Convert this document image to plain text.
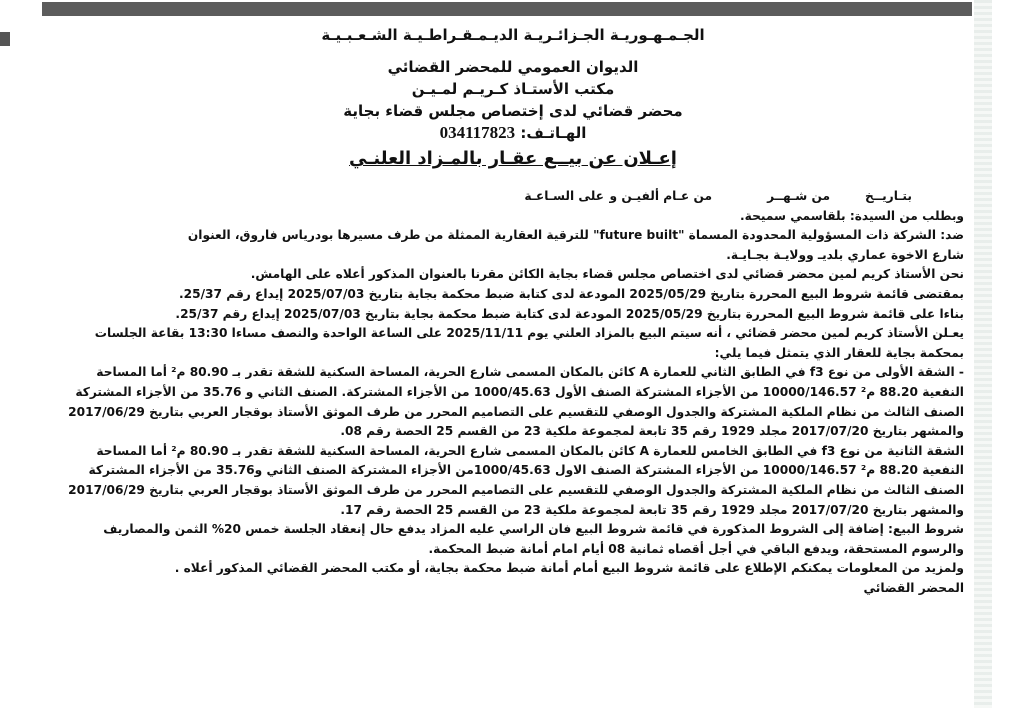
الجـمـهـوريـة الجـزائـريـة الديـمـقـراطـيـة الشـعـبـيـة
الديوان العمومي للمحضر القضائي
مكتب الأستـاذ كـريـم لمـيـن
محضر قضائي لدى إختصاص مجلس قضاء بجاية
الهـاتـف: 034117823
إعـلان عن بيــع عقـار بالمـزاد العلنـي
بتـاريــخ
من شـهــر
من عـام ألفيـن و
على السـاعـة

وبطلب من السيدة: بلقاسمي سميحة.

ضد: الشركة ذات المسؤولية المحدودة المسماة "future built" للترقية العقارية الممثلة من طرف مسيرها بودرياس فاروق، العنوان

شارع الاخوة عماري بلديـ وولايـة بجـايـة.

نحن الأستاذ كريم لمين محضر قضائي لدى اختصاص مجلس قضاء بجاية الكائن مقرنا بالعنوان المذكور أعلاه على الهامش.

بمقتضى قائمة شروط البيع المحررة بتاريخ 2025/05/29 المودعة لدى كتابة ضبط محكمة بجاية بتاريخ 2025/07/03 إيداع رقم 25/37.

بناءا على قائمة شروط البيع المحررة بتاريخ 2025/05/29 المودعة لدى كتابة ضبط محكمة بجاية بتاريخ 2025/07/03 إيداع رقم 25/37.

يعـلن الأستاذ كريم لمين محضر قضائي ، أنه سيتم البيع بالمزاد العلني يوم 2025/11/11 على الساعة الواحدة والنصف مساءا 13:30 بقاعة الجلسات بمحكمة بجاية للعقار الذي يتمثل فيما يلي:

- الشقة الأولى من نوع f3 في الطابق الثاني للعمارة A كائن بالمكان المسمى شارع الحرية، المساحة السكنية للشقة تقدر بـ 80.90 م² أما المساحة النفعية 88.20 م² 10000/146.57 من الأجزاء المشتركة الصنف الأول 1000/45.63 من الأجزاء المشتركة. الصنف الثاني و 35.76 من الأجزاء المشتركة الصنف الثالث من نظام الملكية المشتركة والجدول الوصفي للتقسيم على التصاميم المحرر من طرف الموثق الأستاذ بوقجار العربي بتاريخ 2017/06/29 والمشهر بتاريخ 2017/07/20 مجلد 1929 رقم 35 تابعة لمجموعة ملكية 23 من القسم 25 الحصة رقم 08.

الشقة الثانية من نوع f3 في الطابق الخامس للعمارة A كائن بالمكان المسمى شارع الحرية، المساحة السكنية للشقة تقدر بـ 80.90 م² أما المساحة النفعية 88.20 م² 10000/146.57 من الأجزاء المشتركة الصنف الاول 1000/45.63من الأجزاء المشتركة الصنف الثاني و35.76 من الأجزاء المشتركة الصنف الثالث من نظام الملكية المشتركة والجدول الوصفي للتقسيم على التصاميم المحرر من طرف الموثق الأستاذ بوقجار العربي بتاريخ 2017/06/29 والمشهر بتاريخ 2017/07/20 مجلد 1929 رقم 35 تابعة لمجموعة ملكية 23 من القسم 25 الحصة رقم 17.

شروط البيع: إضافة إلى الشروط المذكورة في قائمة شروط البيع فان الراسي عليه المزاد يدفع حال إنعقاد الجلسة خمس 20% الثمن والمصاريف والرسوم المستحقة، ويدفع الباقي في أجل أقصاه ثمانية 08 أيام امام أمانة ضبط المحكمة.

ولمزيد من المعلومات يمكنكم الإطلاع على قائمة شروط البيع أمام أمانة ضبط محكمة بجاية، أو مكتب المحضر القضائي المذكور أعلاه .

المحضر القضائي
